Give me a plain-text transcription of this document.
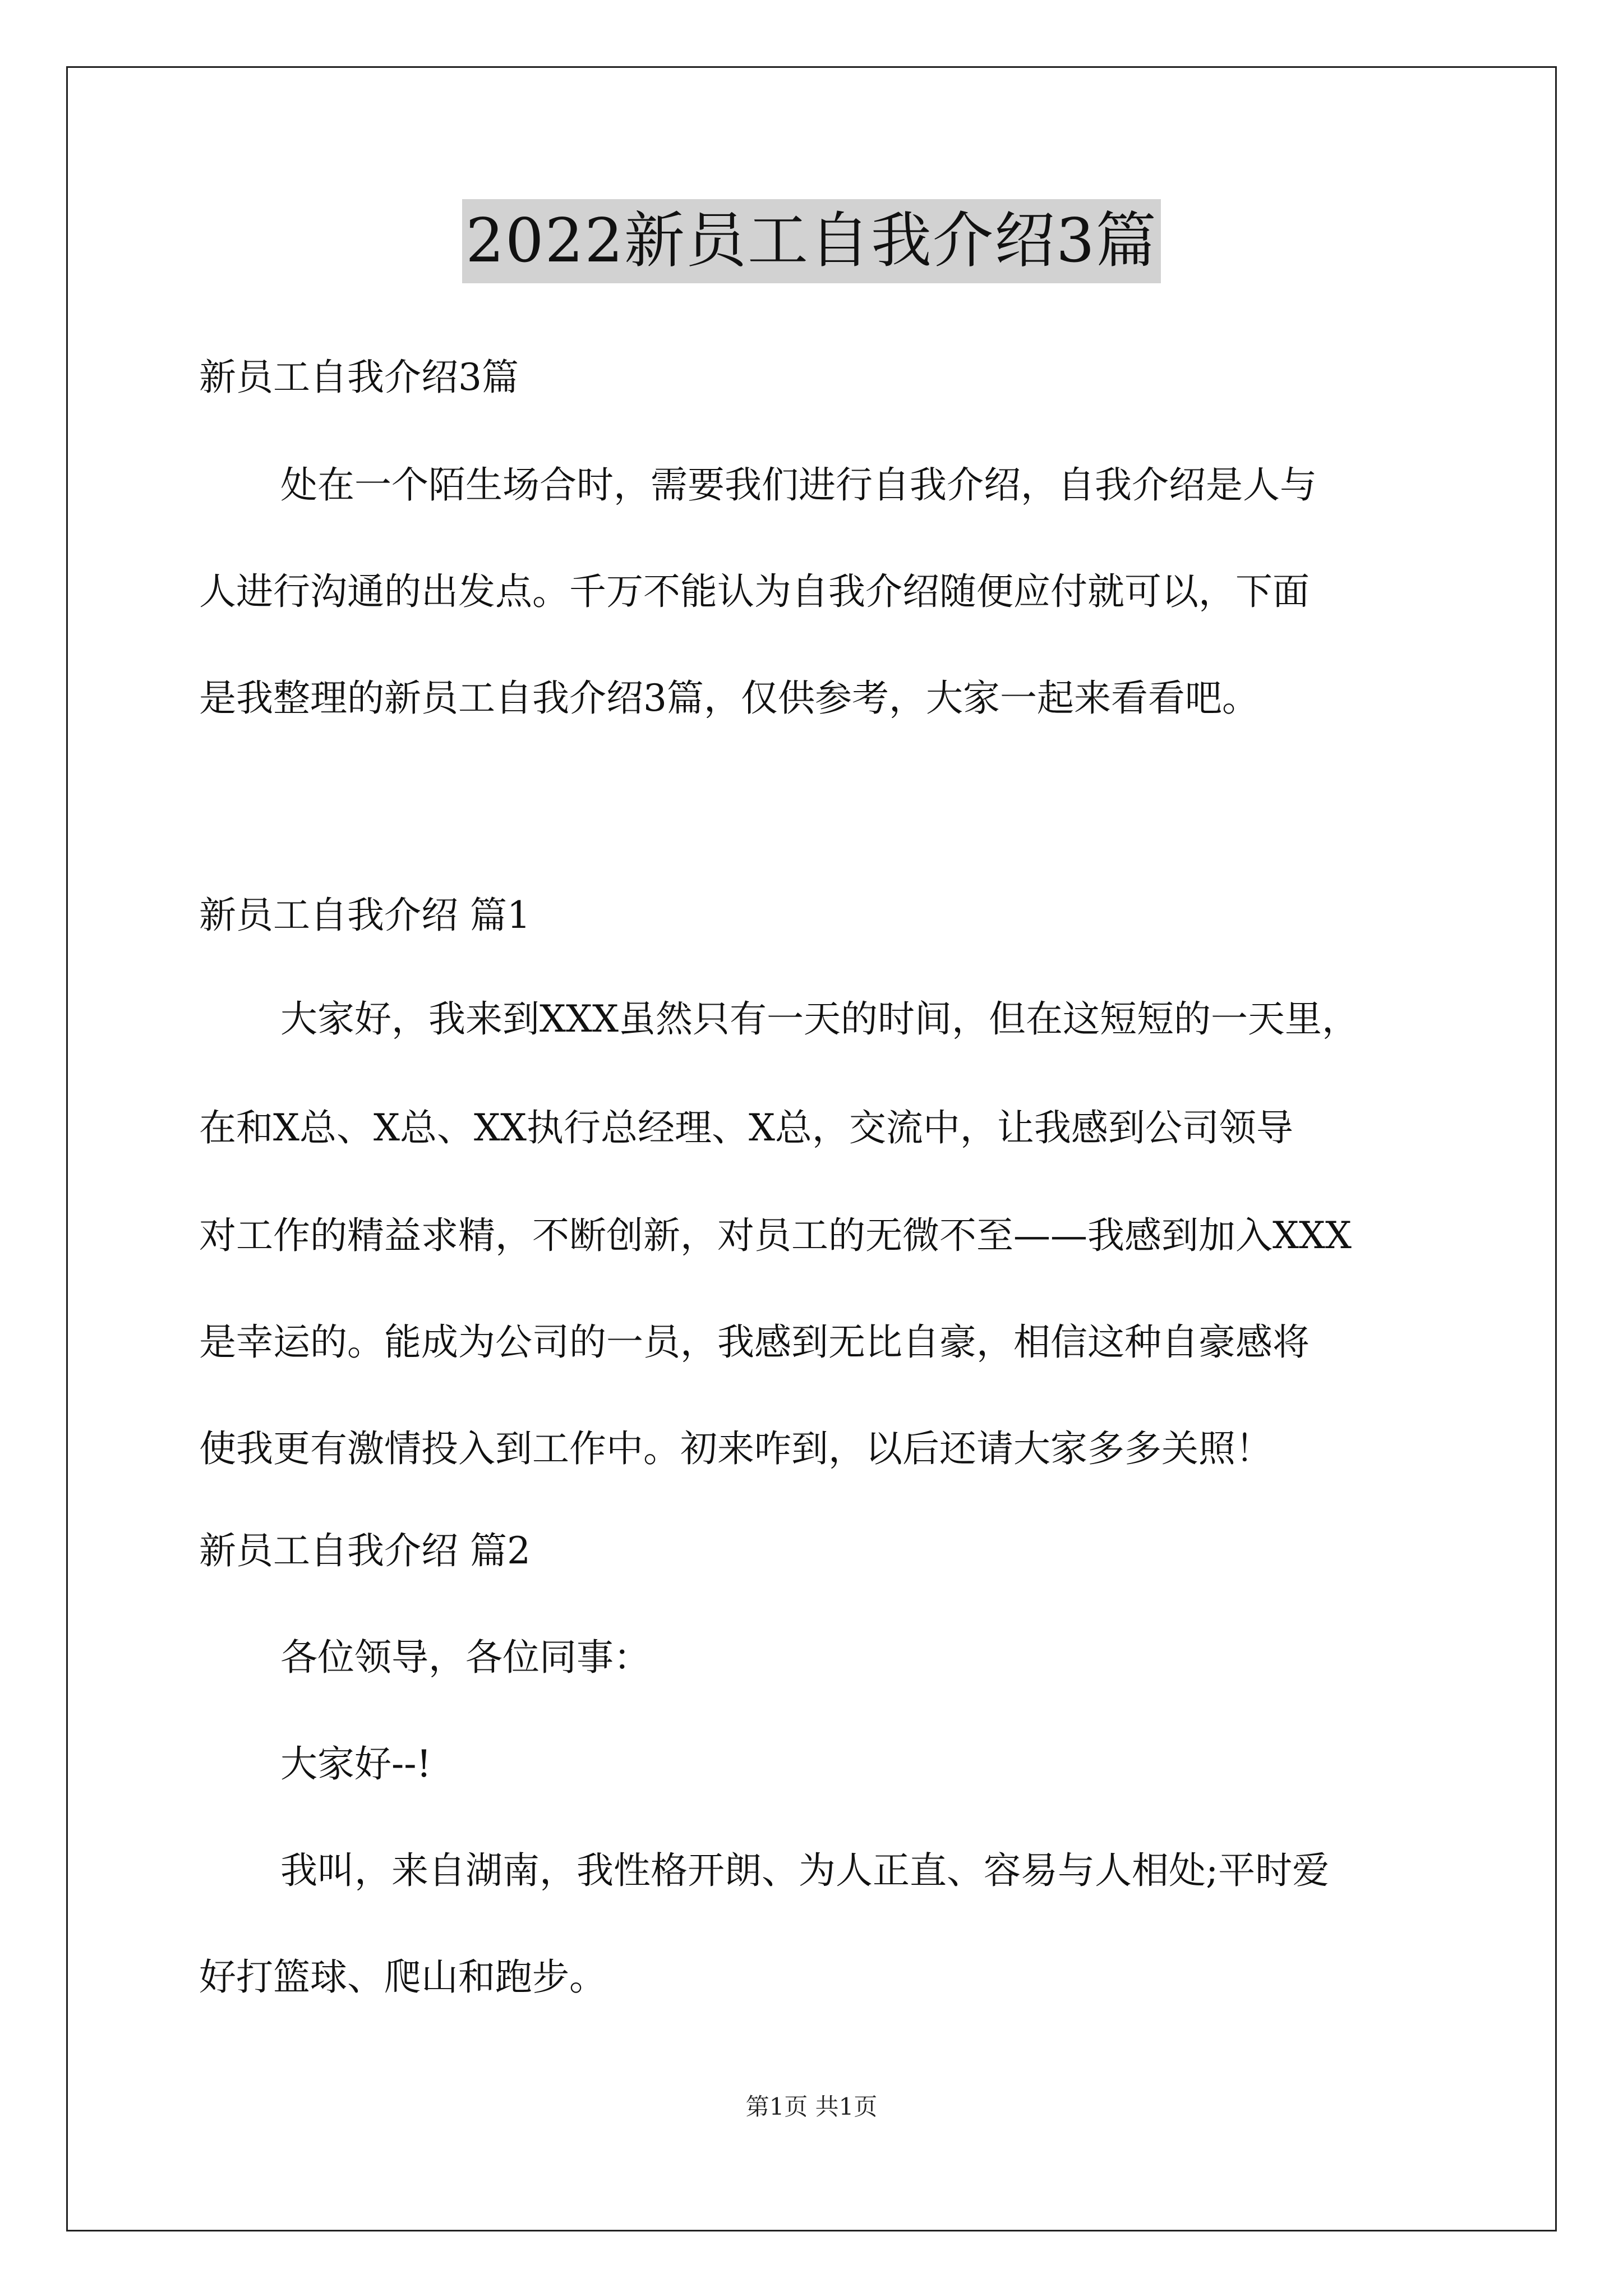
2022新员工自我介绍3篇
新员工自我介绍3篇
处在一个陌生场合时，需要我们进行自我介绍，自我介绍是人与
人进行沟通的出发点。千万不能认为自我介绍随便应付就可以，下面
是我整理的新员工自我介绍3篇，仅供参考，大家一起来看看吧。
新员工自我介绍 篇1
大家好，我来到XXX虽然只有一天的时间，但在这短短的一天里，
在和X总、X总、XX执行总经理、X总，交流中，让我感到公司领导
对工作的精益求精，不断创新，对员工的无微不至——我感到加入XXX
是幸运的。能成为公司的一员，我感到无比自豪，相信这种自豪感将
使我更有激情投入到工作中。初来咋到，以后还请大家多多关照！
新员工自我介绍 篇2
各位领导，各位同事：
大家好--!
我叫，来自湖南，我性格开朗、为人正直、容易与人相处;平时爱
好打篮球、爬山和跑步。
第1页 共1页
